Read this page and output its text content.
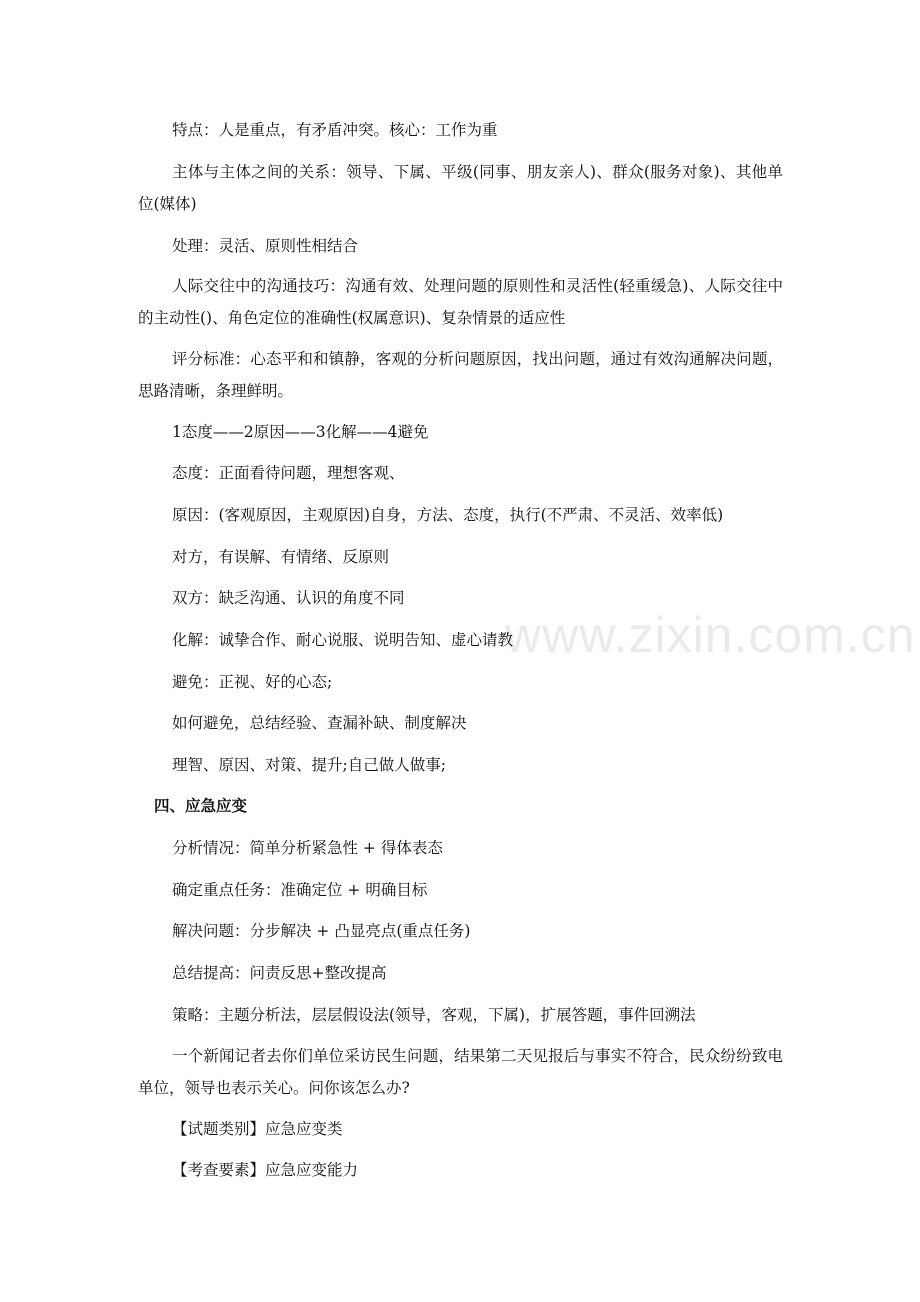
特点：人是重点，有矛盾冲突。核心：工作为重
主体与主体之间的关系：领导、下属、平级(同事、朋友亲人)、群众(服务对象)、其他单位(媒体)
处理：灵活、原则性相结合
人际交往中的沟通技巧：沟通有效、处理问题的原则性和灵活性(轻重缓急)、人际交往中的主动性()、角色定位的准确性(权属意识)、复杂情景的适应性
评分标准：心态平和和镇静，客观的分析问题原因，找出问题，通过有效沟通解决问题，思路清晰，条理鲜明。
1态度——2原因——3化解——4避免
态度：正面看待问题，理想客观、
原因：(客观原因，主观原因)自身，方法、态度，执行(不严肃、不灵活、效率低)
对方，有误解、有情绪、反原则
双方：缺乏沟通、认识的角度不同
化解：诚挚合作、耐心说服、说明告知、虚心请教
避免：正视、好的心态;
如何避免，总结经验、查漏补缺、制度解决
理智、原因、对策、提升;自己做人做事;
四、应急应变
分析情况：简单分析紧急性 + 得体表态
确定重点任务：准确定位 + 明确目标
解决问题：分步解决 + 凸显亮点(重点任务)
总结提高：问责反思+整改提高
策略：主题分析法，层层假设法(领导，客观，下属)，扩展答题，事件回溯法
一个新闻记者去你们单位采访民生问题，结果第二天见报后与事实不符合，民众纷纷致电单位，领导也表示关心。问你该怎么办?
【试题类别】应急应变类
【考查要素】应急应变能力
www.zixin.com.cn
